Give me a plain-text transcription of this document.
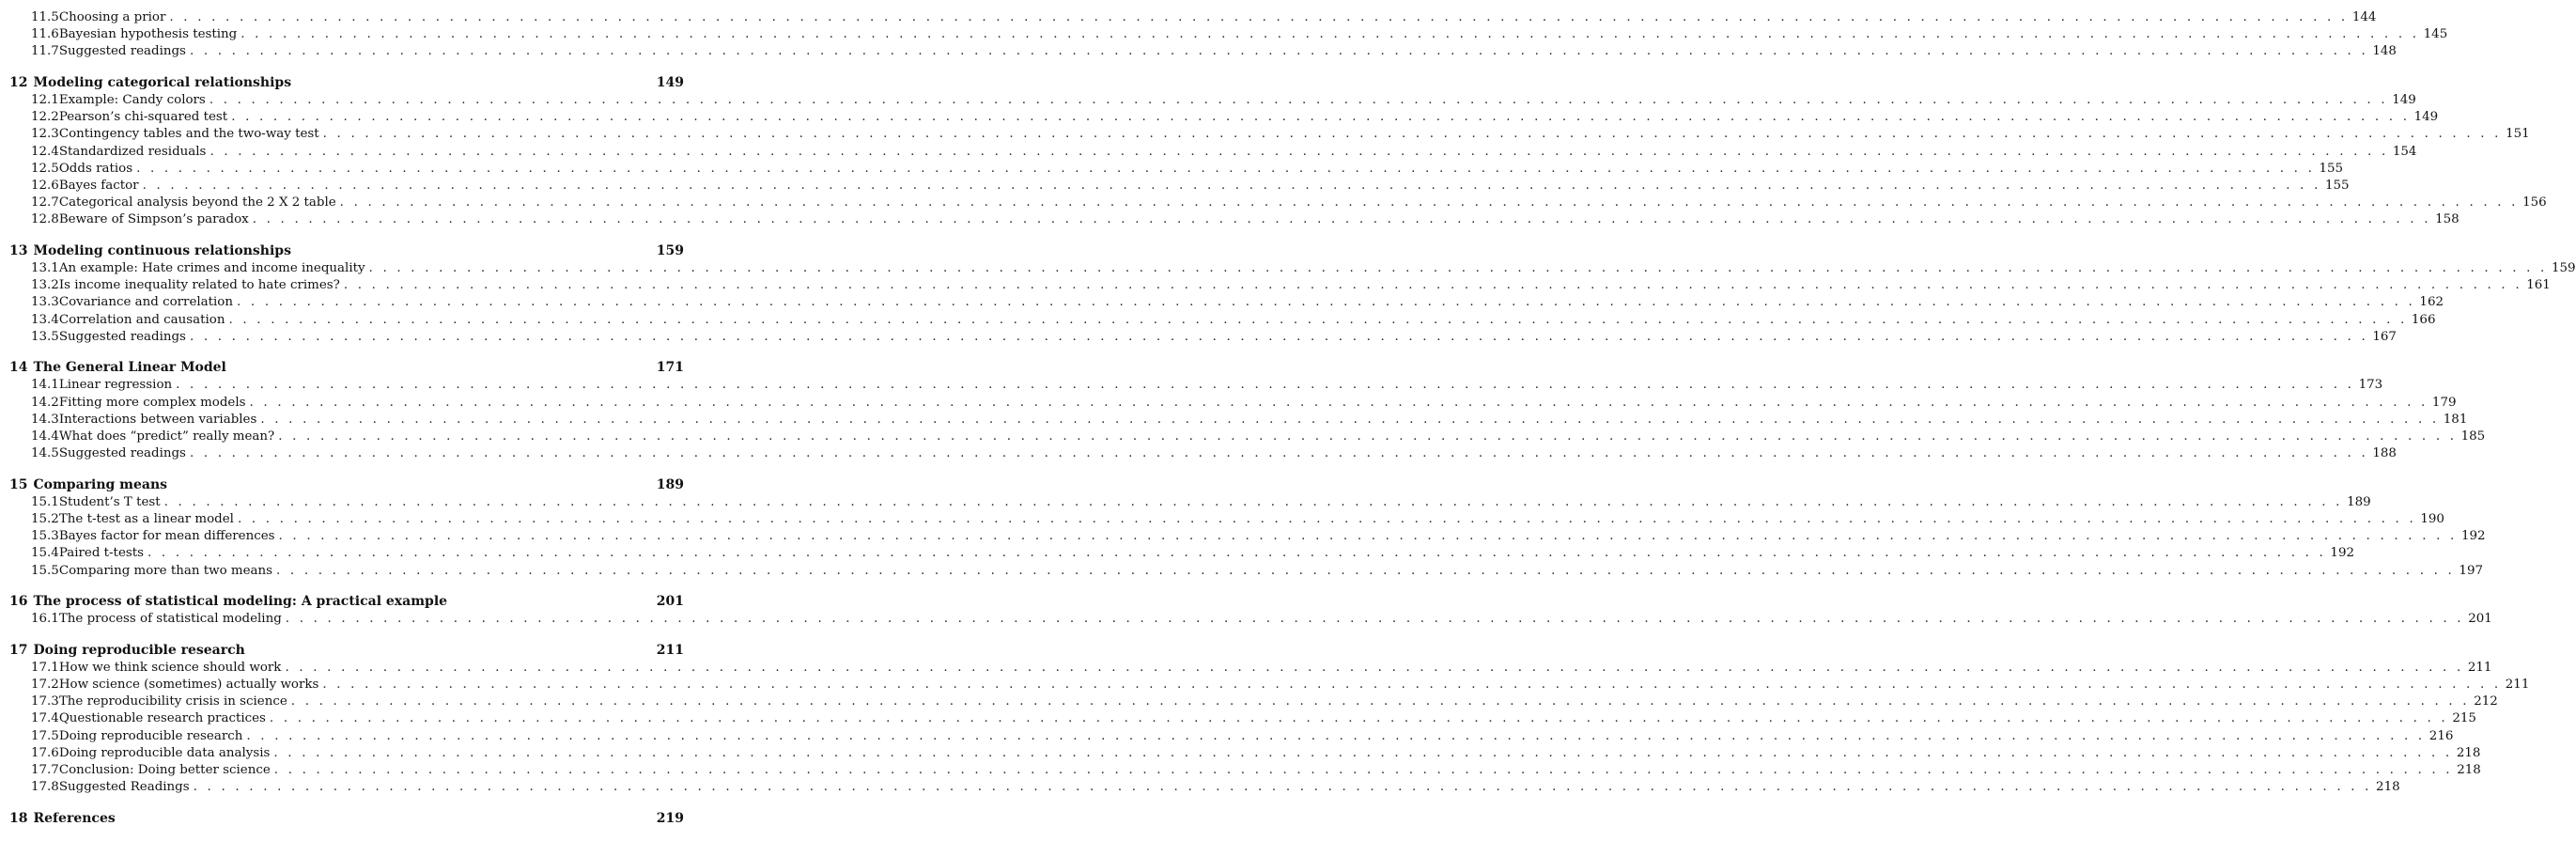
11.5 Choosing a prior . . .	144
11.6 Bayesian hypothesis testing . . .	145
11.7 Suggested readings . . .	148
12 Modeling categorical relationships	149
12.1 Example: Candy colors . . .	149
12.2 Pearson’s chi-squared test . . .	149
12.3 Contingency tables and the two-way test . . .	151
12.4 Standardized residuals . . .	154
12.5 Odds ratios . . .	155
12.6 Bayes factor . . .	155
12.7 Categorical analysis beyond the 2 X 2 table . . .	156
12.8 Beware of Simpson’s paradox . . .	158
13 Modeling continuous relationships	159
13.1 An example: Hate crimes and income inequality . . .	159
13.2 Is income inequality related to hate crimes? . . .	161
13.3 Covariance and correlation . . .	162
13.4 Correlation and causation . . .	166
13.5 Suggested readings . . .	167
14 The General Linear Model	171
14.1 Linear regression . . .	173
14.2 Fitting more complex models . . .	179
14.3 Interactions between variables . . .	181
14.4 What does “predict” really mean? . . .	185
14.5 Suggested readings . . .	188
15 Comparing means	189
15.1 Student’s T test . . .	189
15.2 The t-test as a linear model . . .	190
15.3 Bayes factor for mean differences . . .	192
15.4 Paired t-tests . . .	192
15.5 Comparing more than two means . . .	197
16 The process of statistical modeling: A practical example	201
16.1 The process of statistical modeling . . .	201
17 Doing reproducible research	211
17.1 How we think science should work . . .	211
17.2 How science (sometimes) actually works . . .	211
17.3 The reproducibility crisis in science . . .	212
17.4 Questionable research practices . . .	215
17.5 Doing reproducible research . . .	216
17.6 Doing reproducible data analysis . . .	218
17.7 Conclusion: Doing better science . . .	218
17.8 Suggested Readings . . .	218
18 References	219
